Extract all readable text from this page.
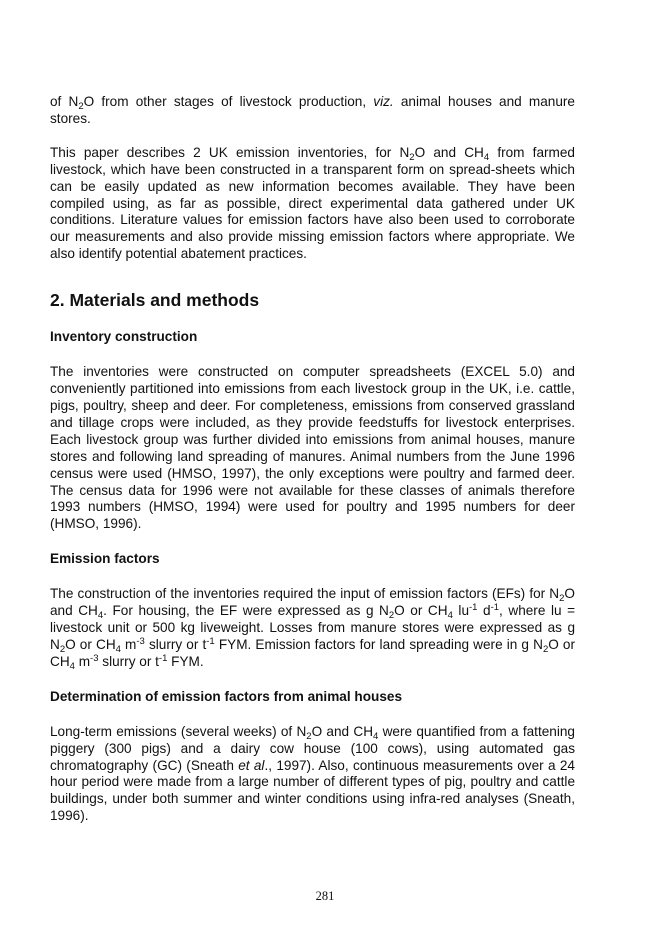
of $N_2O$ from other stages of livestock production, viz. animal houses and manure stores.

This paper describes 2 UK emission inventories, for $N_2O$ and $CH_4$ from farmed livestock, which have been constructed in a transparent form on spread-sheets which can be easily updated as new information becomes available. They have been compiled using, as far as possible, direct experimental data gathered under UK conditions. Literature values for emission factors have also been used to corroborate our measurements and also provide missing emission factors where appropriate. We also identify potential abatement practices.

2. Materials and methods
Inventory construction

The inventories were constructed on computer spreadsheets (EXCEL 5.0) and conveniently partitioned into emissions from each livestock group in the UK, i.e. cattle, pigs, poultry, sheep and deer. For completeness, emissions from conserved grassland and tillage crops were included, as they provide feedstuffs for livestock enterprises. Each livestock group was further divided into emissions from animal houses, manure stores and following land spreading of manures. Animal numbers from the June 1996 census were used (HMSO, 1997), the only exceptions were poultry and farmed deer. The census data for 1996 were not available for these classes of animals therefore 1993 numbers (HMSO, 1994) were used for poultry and 1995 numbers for deer (HMSO, 1996).

Emission factors

The construction of the inventories required the input of emission factors (EFs) for $N_2O$ and $CH_4$. For housing, the EF were expressed as g $N_2O$ or $CH_4$ $lu^{-1}$ $d^{-1}$, where lu = livestock unit or 500 kg liveweight. Losses from manure stores were expressed as g $N_2O$ or $CH_4$ $m^{-3}$ slurry or $t^{-1}$ FYM. Emission factors for land spreading were in g $N_2O$ or $CH_4$ $m^{-3}$ slurry or $t^{-1}$ FYM.

Determination of emission factors from animal houses

Long-term emissions (several weeks) of $N_2O$ and $CH_4$ were quantified from a fattening piggery (300 pigs) and a dairy cow house (100 cows), using automated gas chromatography (GC) (Sneath et al., 1997). Also, continuous measurements over a 24 hour period were made from a large number of different types of pig, poultry and cattle buildings, under both summer and winter conditions using infra-red analyses (Sneath, 1996).

281
